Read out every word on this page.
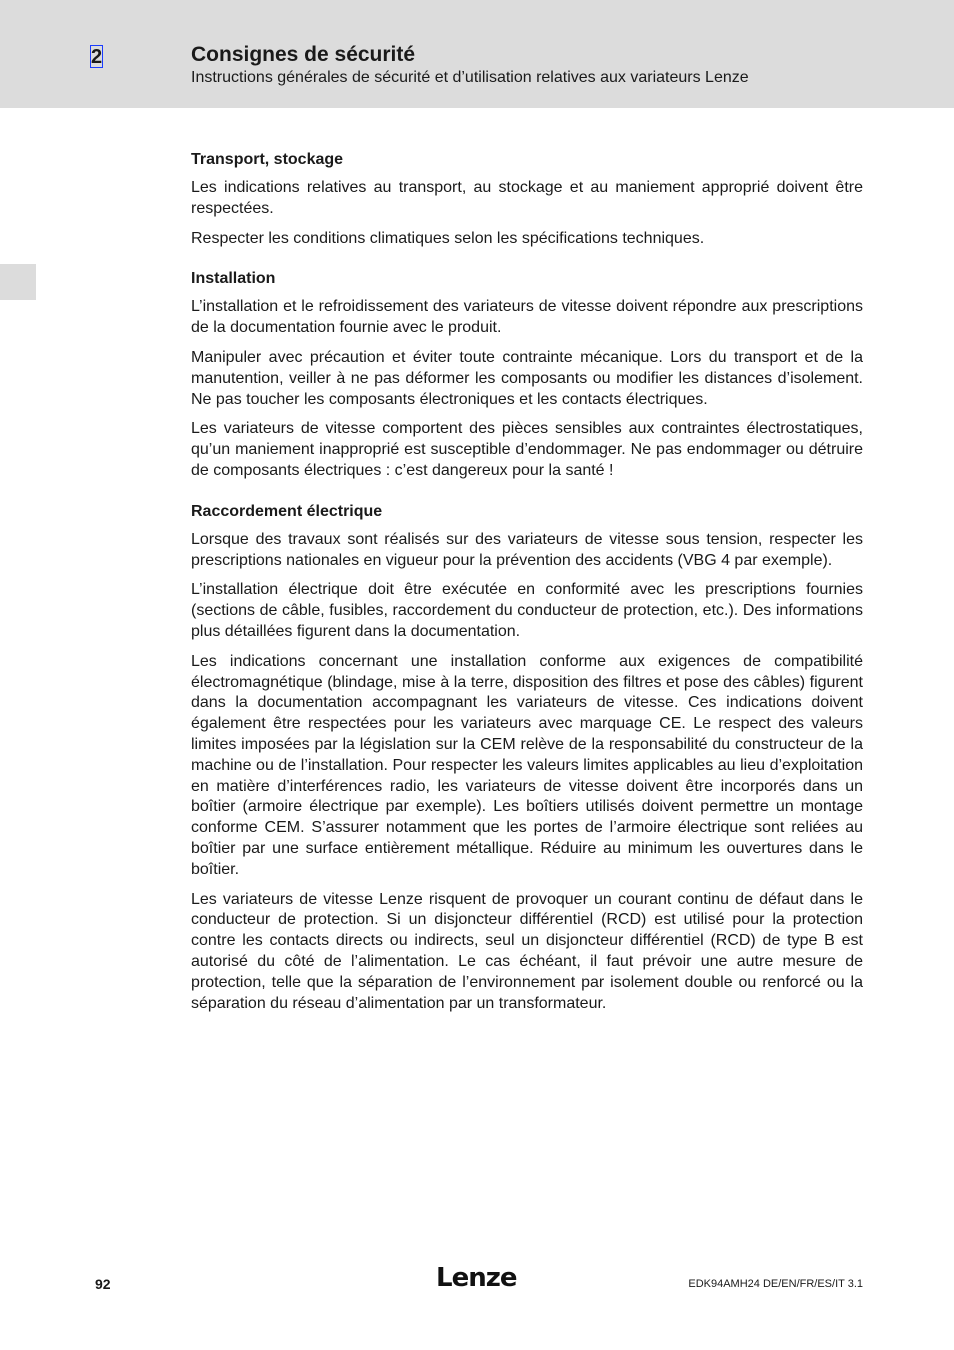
2	Consignes de sécurité

Instructions générales de sécurité et d’utilisation relatives aux variateurs Lenze

Transport, stockage

Les indications relatives au transport, au stockage et au maniement approprié doivent être respectées.

Respecter les conditions climatiques selon les spécifications techniques.

Installation

L’installation et le refroidissement des variateurs de vitesse doivent répondre aux prescriptions de la documentation fournie avec le produit.

Manipuler avec précaution et éviter toute contrainte mécanique. Lors du transport et de la manutention, veiller à ne pas déformer les composants ou modifier les distances d’isolement. Ne pas toucher les composants électroniques et les contacts électriques.

Les variateurs de vitesse comportent des pièces sensibles aux contraintes électrostatiques, qu’un maniement inapproprié est susceptible d’endommager. Ne pas endommager ou détruire de composants électriques : c’est dangereux pour la santé !

Raccordement électrique

Lorsque des travaux sont réalisés sur des variateurs de vitesse sous tension, respecter les prescriptions nationales en vigueur pour la prévention des accidents (VBG 4 par exemple).

L’installation électrique doit être exécutée en conformité avec les prescriptions fournies (sections de câble, fusibles, raccordement du conducteur de protection, etc.). Des informations plus détaillées figurent dans la documentation.

Les indications concernant une installation conforme aux exigences de compatibilité électromagnétique (blindage, mise à la terre, disposition des filtres et pose des câbles) figurent dans la documentation accompagnant les variateurs de vitesse. Ces indications doivent également être respectées pour les variateurs avec marquage CE. Le respect des valeurs limites imposées par la législation sur la CEM relève de la responsabilité du constructeur de la machine ou de l’installation. Pour respecter les valeurs limites applicables au lieu d’exploitation en matière d’interférences radio, les variateurs de vitesse doivent être incorporés dans un boîtier (armoire électrique par exemple). Les boîtiers utilisés doivent permettre un montage conforme CEM. S’assurer notamment que les portes de l’armoire électrique sont reliées au boîtier par une surface entièrement métallique. Réduire au minimum les ouvertures dans le boîtier.

Les variateurs de vitesse Lenze risquent de provoquer un courant continu de défaut dans le conducteur de protection. Si un disjoncteur différentiel (RCD) est utilisé pour la protection contre les contacts directs ou indirects, seul un disjoncteur différentiel (RCD) de type B est autorisé du côté de l’alimentation. Le cas échéant, il faut prévoir une autre mesure de protection, telle que la séparation de l’environnement par isolement double ou renforcé ou la séparation du réseau d’alimentation par un transformateur.

92	Lenze	EDK94AMH24 DE/EN/FR/ES/IT 3.1
